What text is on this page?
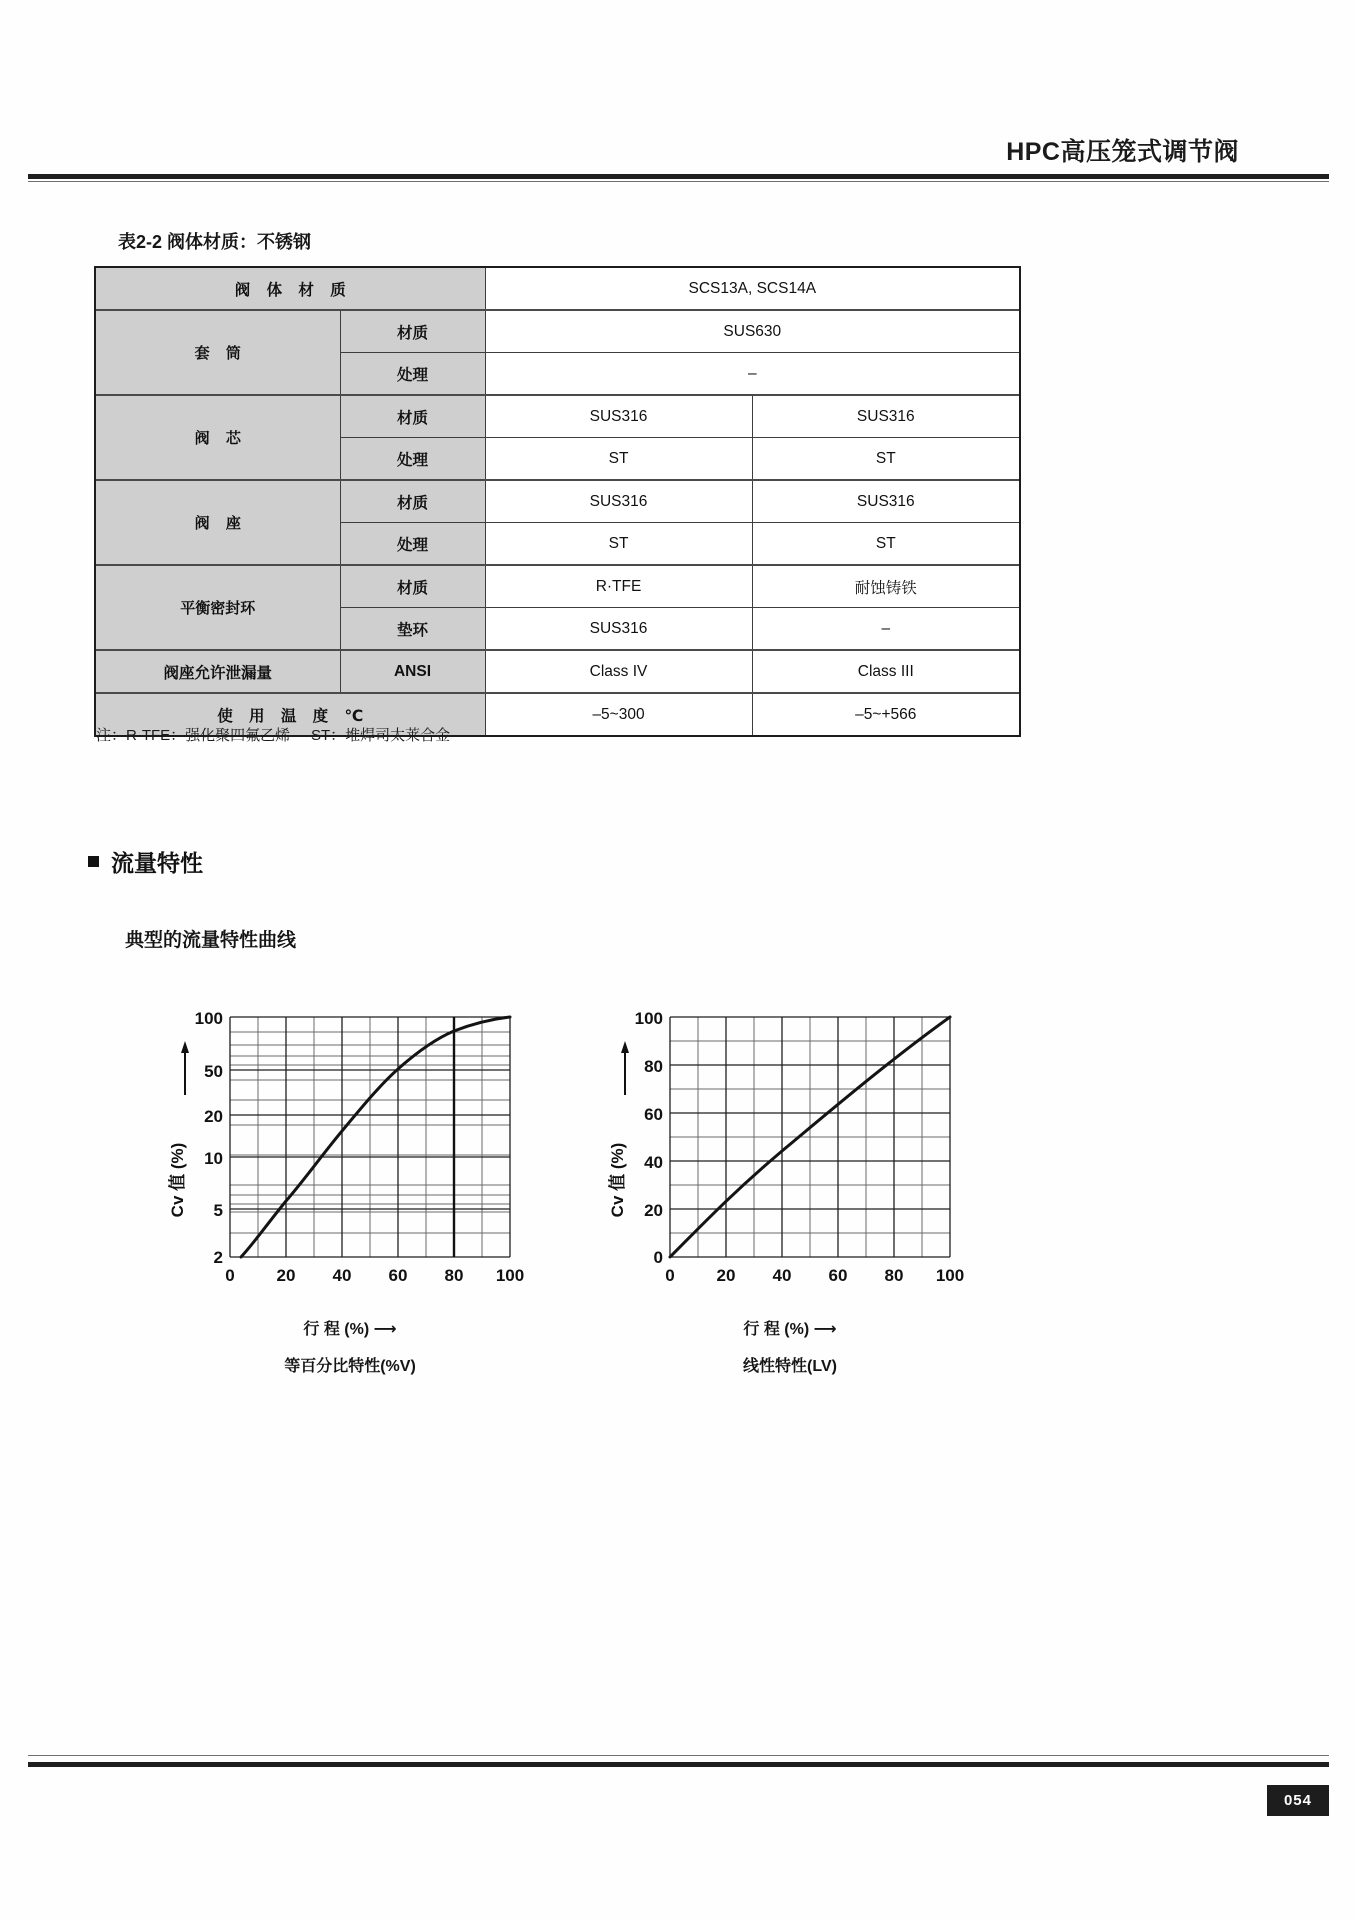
HPC高压笼式调节阀
表2-2 阀体材质：不锈钢
阀 体 材 质		SCS13A, SCS14A	
套 筒	材质	SUS630	
	处理	–	
阀 芯	材质	SUS316	SUS316
	处理	ST	ST
阀 座	材质	SUS316	SUS316
	处理	ST	ST
平衡密封环	材质	R·TFE	耐蚀铸铁
	垫环	SUS316	–
阀座允许泄漏量	ANSI	Class IV	Class III
使 用 温 度 ℃		–5~300	–5~+566
注：R·TFE：强化聚四氟乙烯     ST：堆焊司太莱合金
流量特性
典型的流量特性曲线
100
50
20
10
5
2
0 20 40 60 80 100
Cv 值 (%)
行 程 (%) ⟶
等百分比特性(%V)
100
80
60
40
20
0
0 20 40 60 80 100
Cv 值 (%)
行 程 (%) ⟶
线性特性(LV)
054
